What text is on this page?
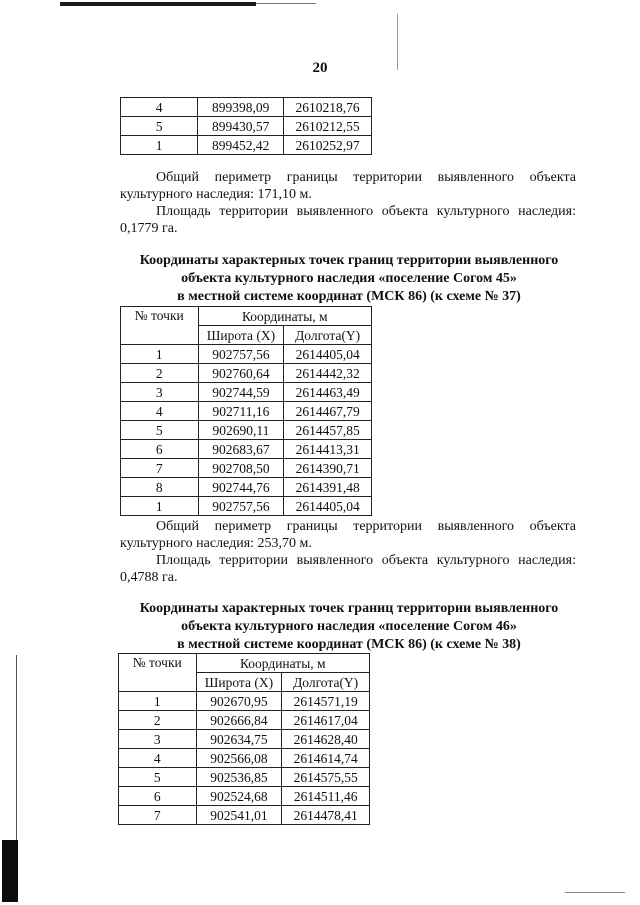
20
4	899398,09	2610218,76
5	899430,57	2610212,55
1	899452,42	2610252,97
Общий периметр границы территории выявленного объекта
культурного наследия: 171,10 м.
Площадь территории выявленного объекта культурного наследия:
0,1779 га.
Координаты характерных точек границ территории выявленного
объекта культурного наследия «поселение Согом 45»
в местной системе координат (МСК 86) (к схеме № 37)
№ точки	Координаты, м	
	Широта (X)	Долгота(Y)
1	902757,56	2614405,04
2	902760,64	2614442,32
3	902744,59	2614463,49
4	902711,16	2614467,79
5	902690,11	2614457,85
6	902683,67	2614413,31
7	902708,50	2614390,71
8	902744,76	2614391,48
1	902757,56	2614405,04
Общий периметр границы территории выявленного объекта
культурного наследия: 253,70 м.
Площадь территории выявленного объекта культурного наследия:
0,4788 га.
Координаты характерных точек границ территории выявленного
объекта культурного наследия «поселение Согом 46»
в местной системе координат (МСК 86) (к схеме № 38)
№ точки	Координаты, м	
	Широта (X)	Долгота(Y)
1	902670,95	2614571,19
2	902666,84	2614617,04
3	902634,75	2614628,40
4	902566,08	2614614,74
5	902536,85	2614575,55
6	902524,68	2614511,46
7	902541,01	2614478,41
